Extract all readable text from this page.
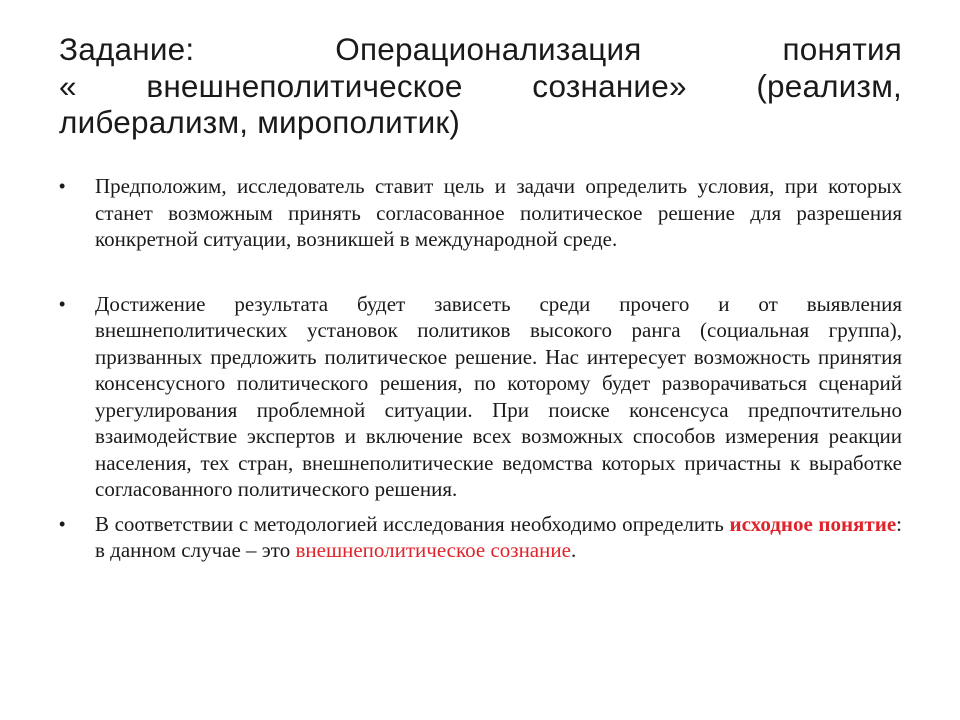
Задание: Операционализация понятия
« внешнеполитическое сознание» (реализм,
либерализм, мирополитик)
•	Предположим, исследователь ставит цель и задачи определить условия, при которых станет возможным принять согласованное политическое решение для разрешения конкретной ситуации, возникшей в международной среде.
•	Достижение результата будет зависеть среди прочего и от выявления внешнеполитических установок политиков высокого ранга (социальная группа), призванных предложить политическое решение. Нас интересует возможность принятия консенсусного политического решения, по которому будет разворачиваться сценарий урегулирования проблемной ситуации. При поиске консенсуса предпочтительно взаимодействие экспертов и включение всех возможных способов измерения реакции населения, тех стран, внешнеполитические ведомства которых причастны к выработке согласованного политического решения.
•	В соответствии с методологией исследования необходимо определить исходное понятие: в данном случае – это внешнеполитическое сознание.
